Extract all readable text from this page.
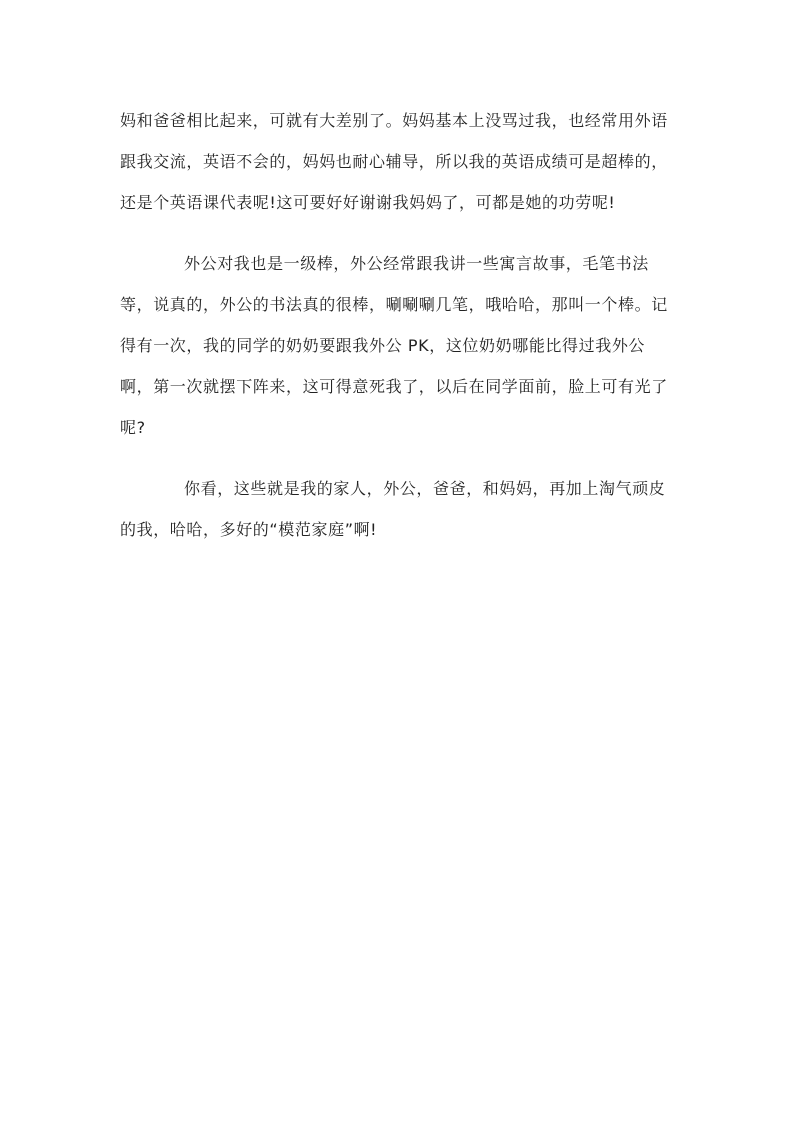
妈和爸爸相比起来，可就有大差别了。妈妈基本上没骂过我，也经常用外语跟我交流，英语不会的，妈妈也耐心辅导，所以我的英语成绩可是超棒的，还是个英语课代表呢!这可要好好谢谢我妈妈了，可都是她的功劳呢!

外公对我也是一级棒，外公经常跟我讲一些寓言故事，毛笔书法等，说真的，外公的书法真的很棒，唰唰唰几笔，哦哈哈，那叫一个棒。记得有一次，我的同学的奶奶要跟我外公 PK，这位奶奶哪能比得过我外公啊，第一次就摆下阵来，这可得意死我了，以后在同学面前，脸上可有光了呢?

你看，这些就是我的家人，外公，爸爸，和妈妈，再加上淘气顽皮的我，哈哈，多好的“模范家庭”啊!
